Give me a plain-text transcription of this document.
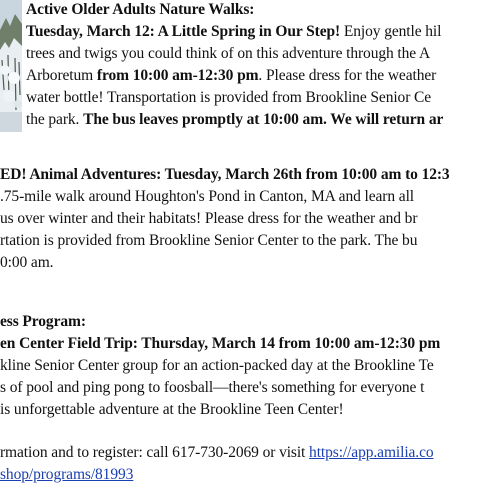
Active Older Adults Nature Walks:
Tuesday, March 12: A Little Spring in Our Step! Enjoy gentle hil
trees and twigs you could think of on this adventure through the A
Arboretum from 10:00 am-12:30 pm. Please dress for the weather
water bottle! Transportation is provided from Brookline Senior Ce
the park. The bus leaves promptly at 10:00 am. We will return ar
ED! Animal Adventures: Tuesday, March 26th from 10:00 am to 12:3
.75-mile walk around Houghton's Pond in Canton, MA and learn all
us over winter and their habitats! Please dress for the weather and br
rtation is provided from Brookline Senior Center to the park. The bu
0:00 am.
ess Program:
en Center Field Trip: Thursday, March 14 from 10:00 am-12:30 pm
kline Senior Center group for an action-packed day at the Brookline Te
s of pool and ping pong to foosball—there's something for everyone t
is unforgettable adventure at the Brookline Teen Center!
rmation and to register: call 617-730-2069 or visit https://app.amilia.co
shop/programs/81993
